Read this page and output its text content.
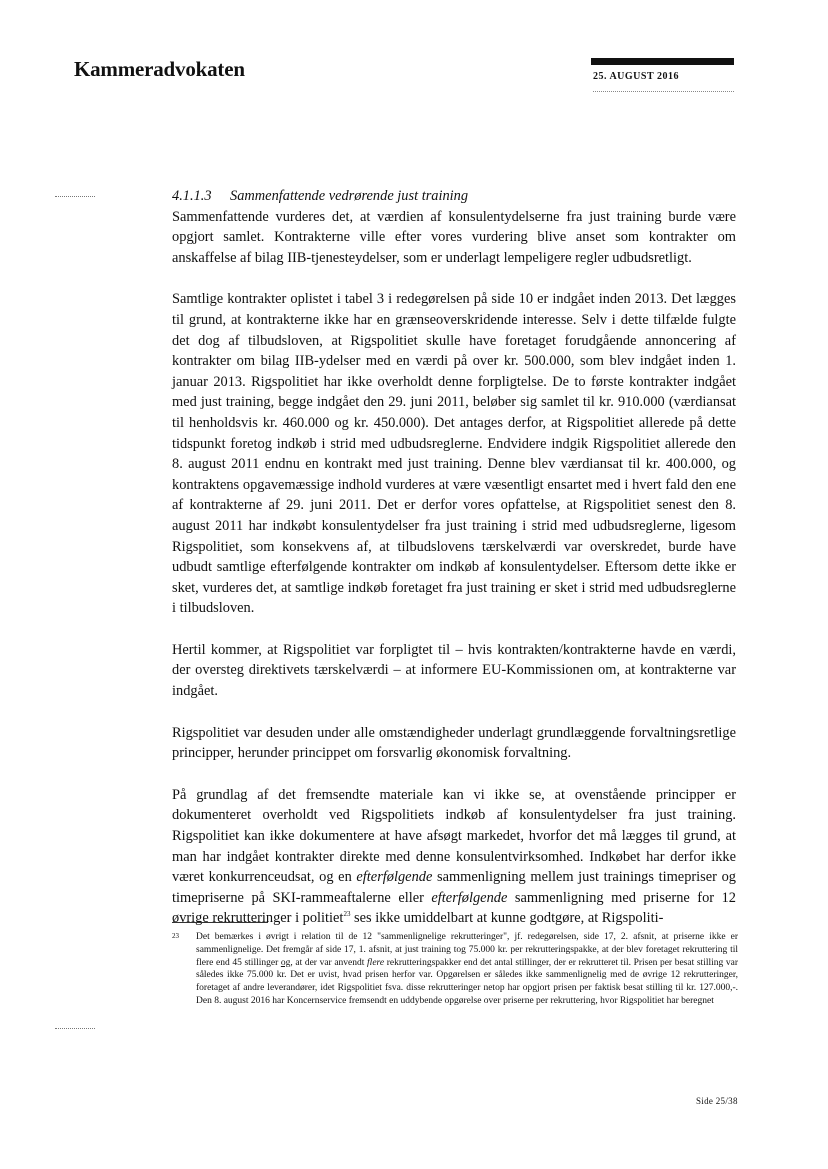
Kammeradvokaten	25. AUGUST 2016
4.1.1.3 Sammenfattende vedrørende just training

Sammenfattende vurderes det, at værdien af konsulentydelserne fra just training burde være opgjort samlet. Kontrakterne ville efter vores vurdering blive anset som kontrakter om anskaffelse af bilag IIB-tjenesteydelser, som er underlagt lempeligere regler udbudsretligt.

Samtlige kontrakter oplistet i tabel 3 i redegørelsen på side 10 er indgået inden 2013. Det lægges til grund, at kontrakterne ikke har en grænseoverskridende interesse. Selv i dette tilfælde fulgte det dog af tilbudsloven, at Rigspolitiet skulle have foretaget forudgående annoncering af kontrakter om bilag IIB-ydelser med en værdi på over kr. 500.000, som blev indgået inden 1. januar 2013. Rigspolitiet har ikke overholdt denne forpligtelse. De to første kontrakter indgået med just training, begge indgået den 29. juni 2011, beløber sig samlet til kr. 910.000 (værdiansat til henholdsvis kr. 460.000 og kr. 450.000). Det antages derfor, at Rigspolitiet allerede på dette tidspunkt foretog indkøb i strid med udbudsreglerne. Endvidere indgik Rigspolitiet allerede den 8. august 2011 endnu en kontrakt med just training. Denne blev værdiansat til kr. 400.000, og kontraktens opgavemæssige indhold vurderes at være væsentligt ensartet med i hvert fald den ene af kontrakterne af 29. juni 2011. Det er derfor vores opfattelse, at Rigspolitiet senest den 8. august 2011 har indkøbt konsulentydelser fra just training i strid med udbudsreglerne, ligesom Rigspolitiet, som konsekvens af, at tilbudslovens tærskelværdi var overskredet, burde have udbudt samtlige efterfølgende kontrakter om indkøb af konsulentydelser. Eftersom dette ikke er sket, vurderes det, at samtlige indkøb foretaget fra just training er sket i strid med udbudsreglerne i tilbudsloven.

Hertil kommer, at Rigspolitiet var forpligtet til – hvis kontrakten/kontrakterne havde en værdi, der oversteg direktivets tærskelværdi – at informere EU-Kommissionen om, at kontrakterne var indgået.

Rigspolitiet var desuden under alle omstændigheder underlagt grundlæggende forvaltningsretlige principper, herunder princippet om forsvarlig økonomisk forvaltning.

På grundlag af det fremsendte materiale kan vi ikke se, at ovenstående principper er dokumenteret overholdt ved Rigspolitiets indkøb af konsulentydelser fra just training. Rigspolitiet kan ikke dokumentere at have afsøgt markedet, hvorfor det må lægges til grund, at man har indgået kontrakter direkte med denne konsulentvirksomhed. Indkøbet har derfor ikke været konkurrenceudsat, og en efterfølgende sammenligning mellem just trainings timepriser og timepriserne på SKI-rammeaftalerne eller efterfølgende sammenligning med priserne for 12 øvrige rekrutteringer i politiet$^{23}$ ses ikke umiddelbart at kunne godtgøre, at Rigspoliti-

23	Det bemærkes i øvrigt i relation til de 12 "sammenlignelige rekrutteringer", jf. redegørelsen, side 17, 2. afsnit, at priserne ikke er sammenlignelige. Det fremgår af side 17, 1. afsnit, at just training tog 75.000 kr. per rekrutteringspakke, at der blev foretaget rekruttering til flere end 45 stillinger og, at der var anvendt flere rekrutteringspakker end det antal stillinger, der er rekrutteret til. Prisen per besat stilling var således ikke 75.000 kr. Det er uvist, hvad prisen herfor var. Opgørelsen er således ikke sammenlignelig med de øvrige 12 rekrutteringer, foretaget af andre leverandører, idet Rigspolitiet fsva. disse rekrutteringer netop har opgjort prisen per faktisk besat stilling til kr. 127.000,-. Den 8. august 2016 har Koncernservice fremsendt en uddybende opgørelse over priserne per rekruttering, hvor Rigspolitiet har beregnet
Side 25/38
